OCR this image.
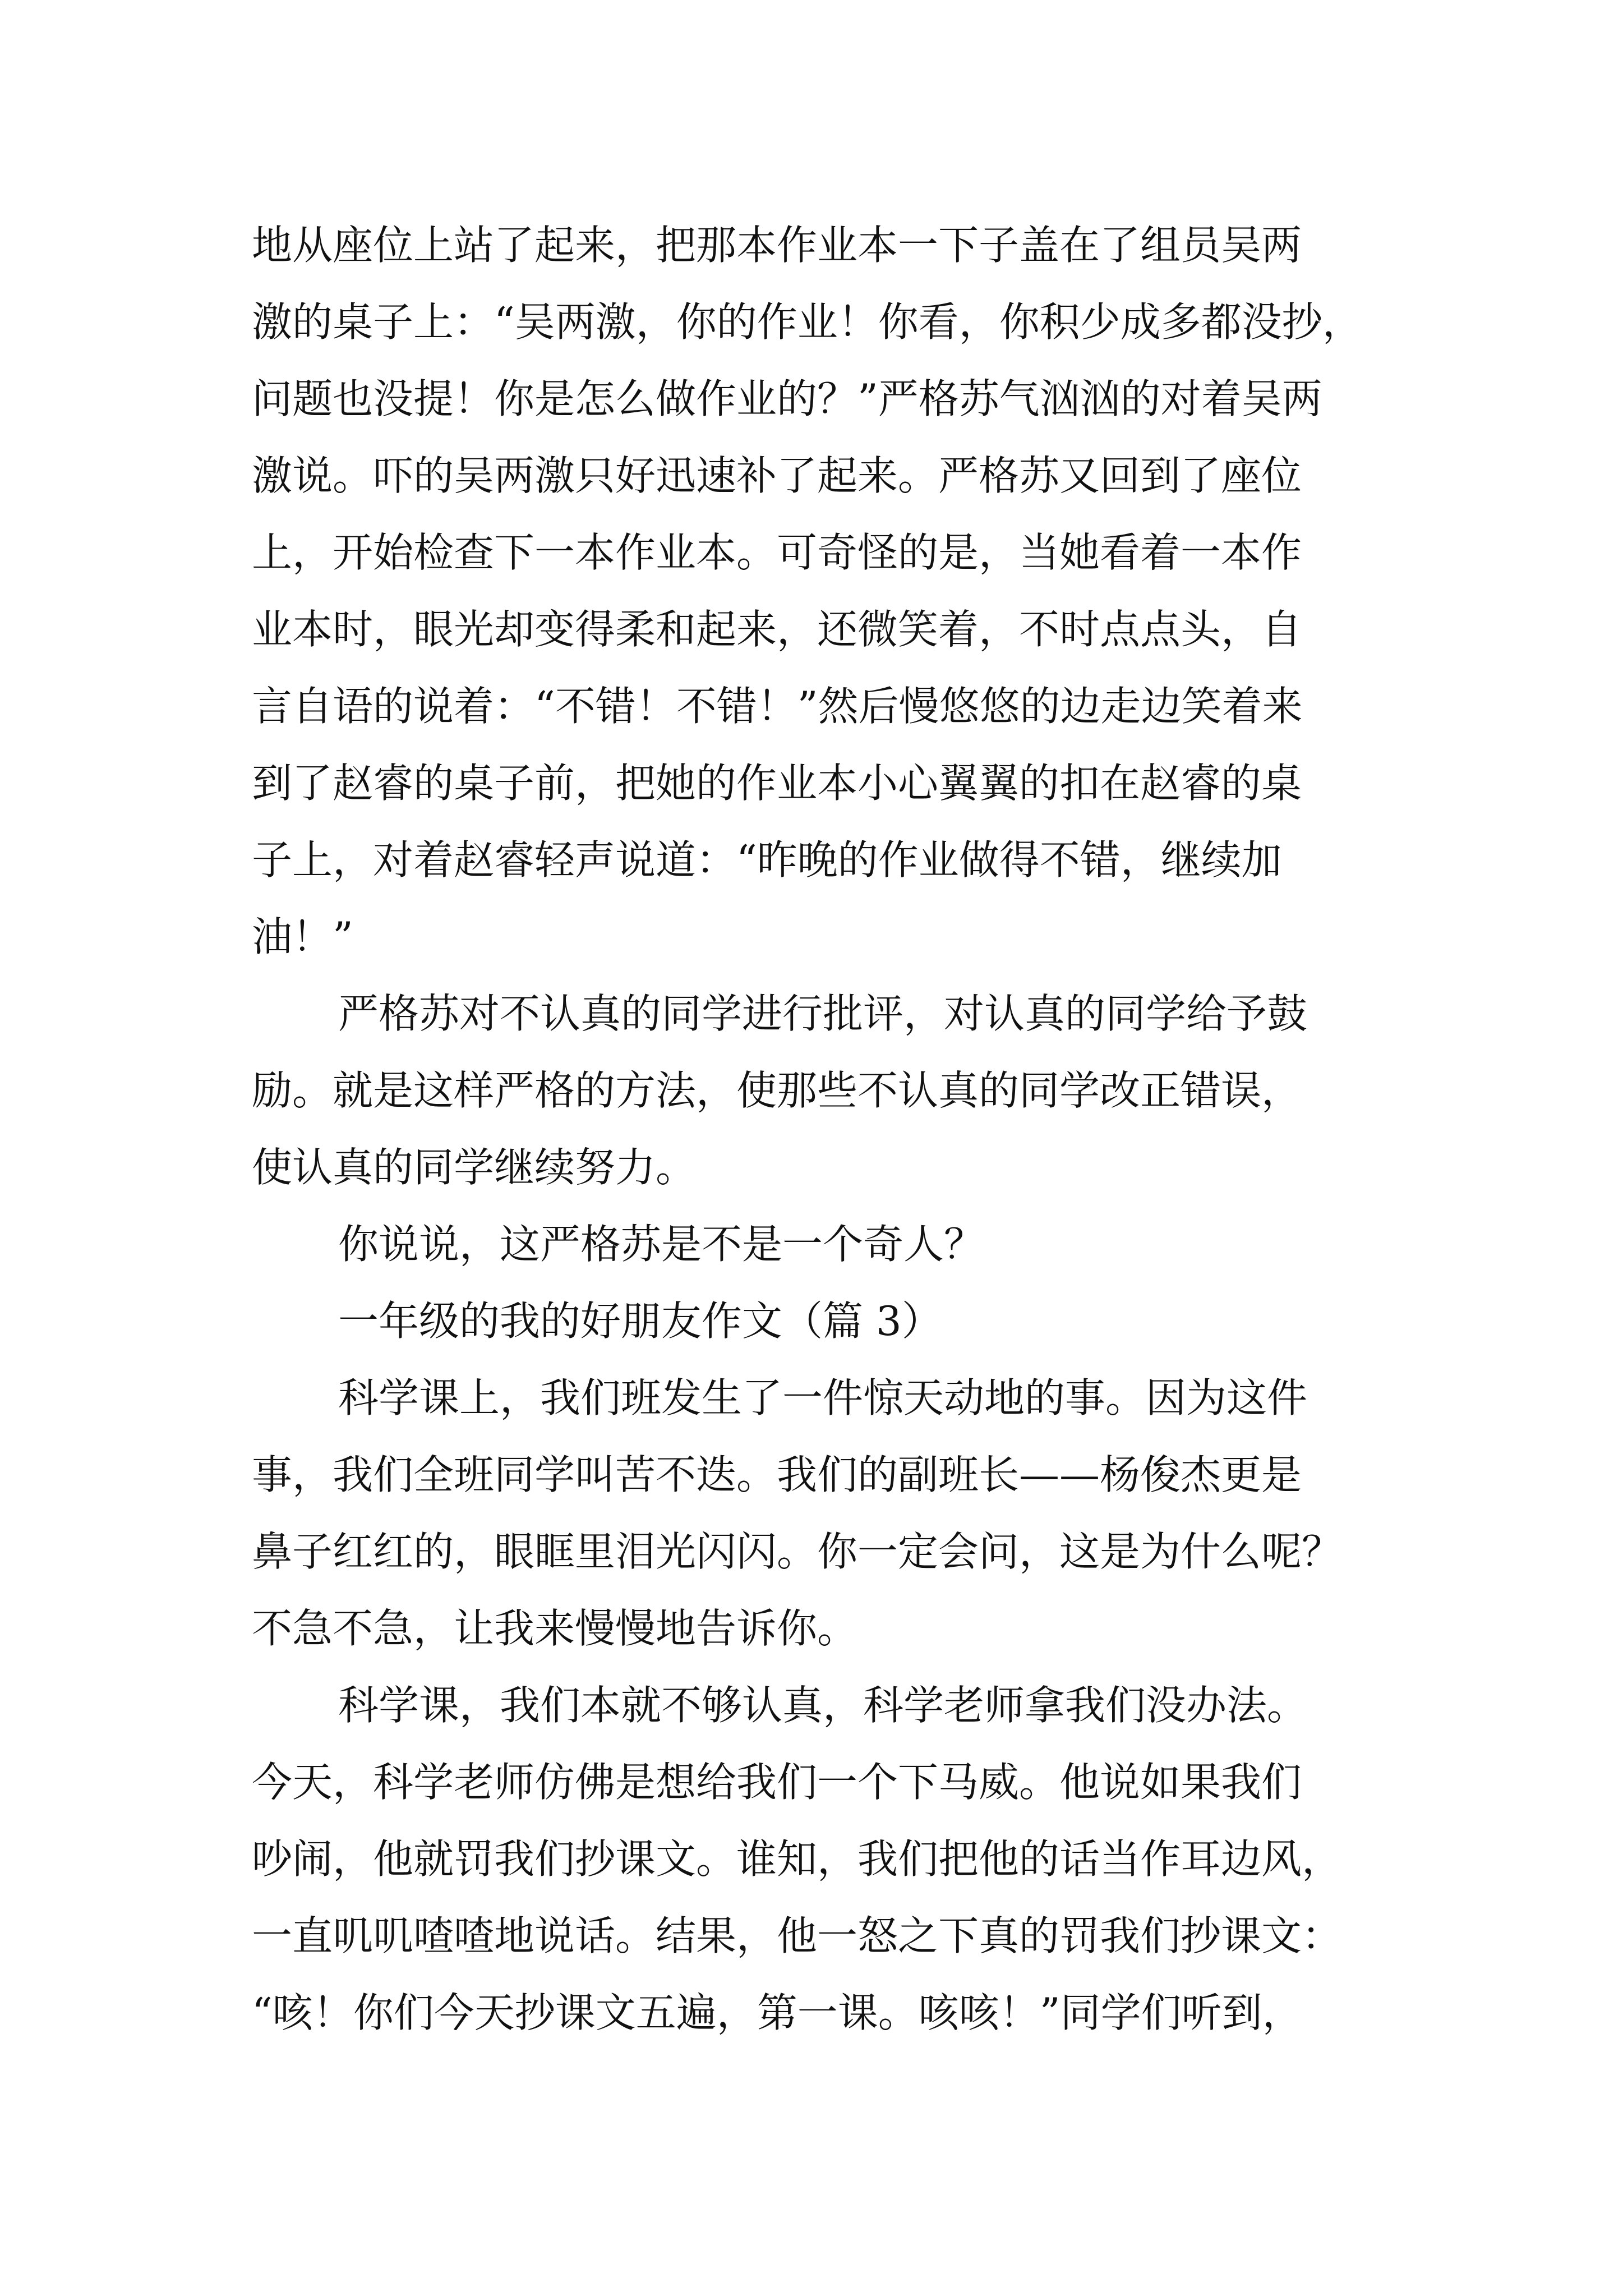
地从座位上站了起来，把那本作业本一下子盖在了组员吴两

激的桌子上：“吴两激，你的作业！你看，你积少成多都没抄，

问题也没提！你是怎么做作业的？”严格苏气汹汹的对着吴两

激说。吓的吴两激只好迅速补了起来。严格苏又回到了座位

上，开始检查下一本作业本。可奇怪的是，当她看着一本作

业本时，眼光却变得柔和起来，还微笑着，不时点点头，自

言自语的说着：“不错！不错！”然后慢悠悠的边走边笑着来

到了赵睿的桌子前，把她的作业本小心翼翼的扣在赵睿的桌

子上，对着赵睿轻声说道：“昨晚的作业做得不错，继续加

油！”

严格苏对不认真的同学进行批评，对认真的同学给予鼓

励。就是这样严格的方法，使那些不认真的同学改正错误，

使认真的同学继续努力。

你说说，这严格苏是不是一个奇人？

一年级的我的好朋友作文（篇 3）

科学课上，我们班发生了一件惊天动地的事。因为这件

事，我们全班同学叫苦不迭。我们的副班长——杨俊杰更是

鼻子红红的，眼眶里泪光闪闪。你一定会问，这是为什么呢？

不急不急，让我来慢慢地告诉你。

科学课，我们本就不够认真，科学老师拿我们没办法。

今天，科学老师仿佛是想给我们一个下马威。他说如果我们

吵闹，他就罚我们抄课文。谁知，我们把他的话当作耳边风，

一直叽叽喳喳地说话。结果，他一怒之下真的罚我们抄课文：

“咳！你们今天抄课文五遍，第一课。咳咳！”同学们听到，
